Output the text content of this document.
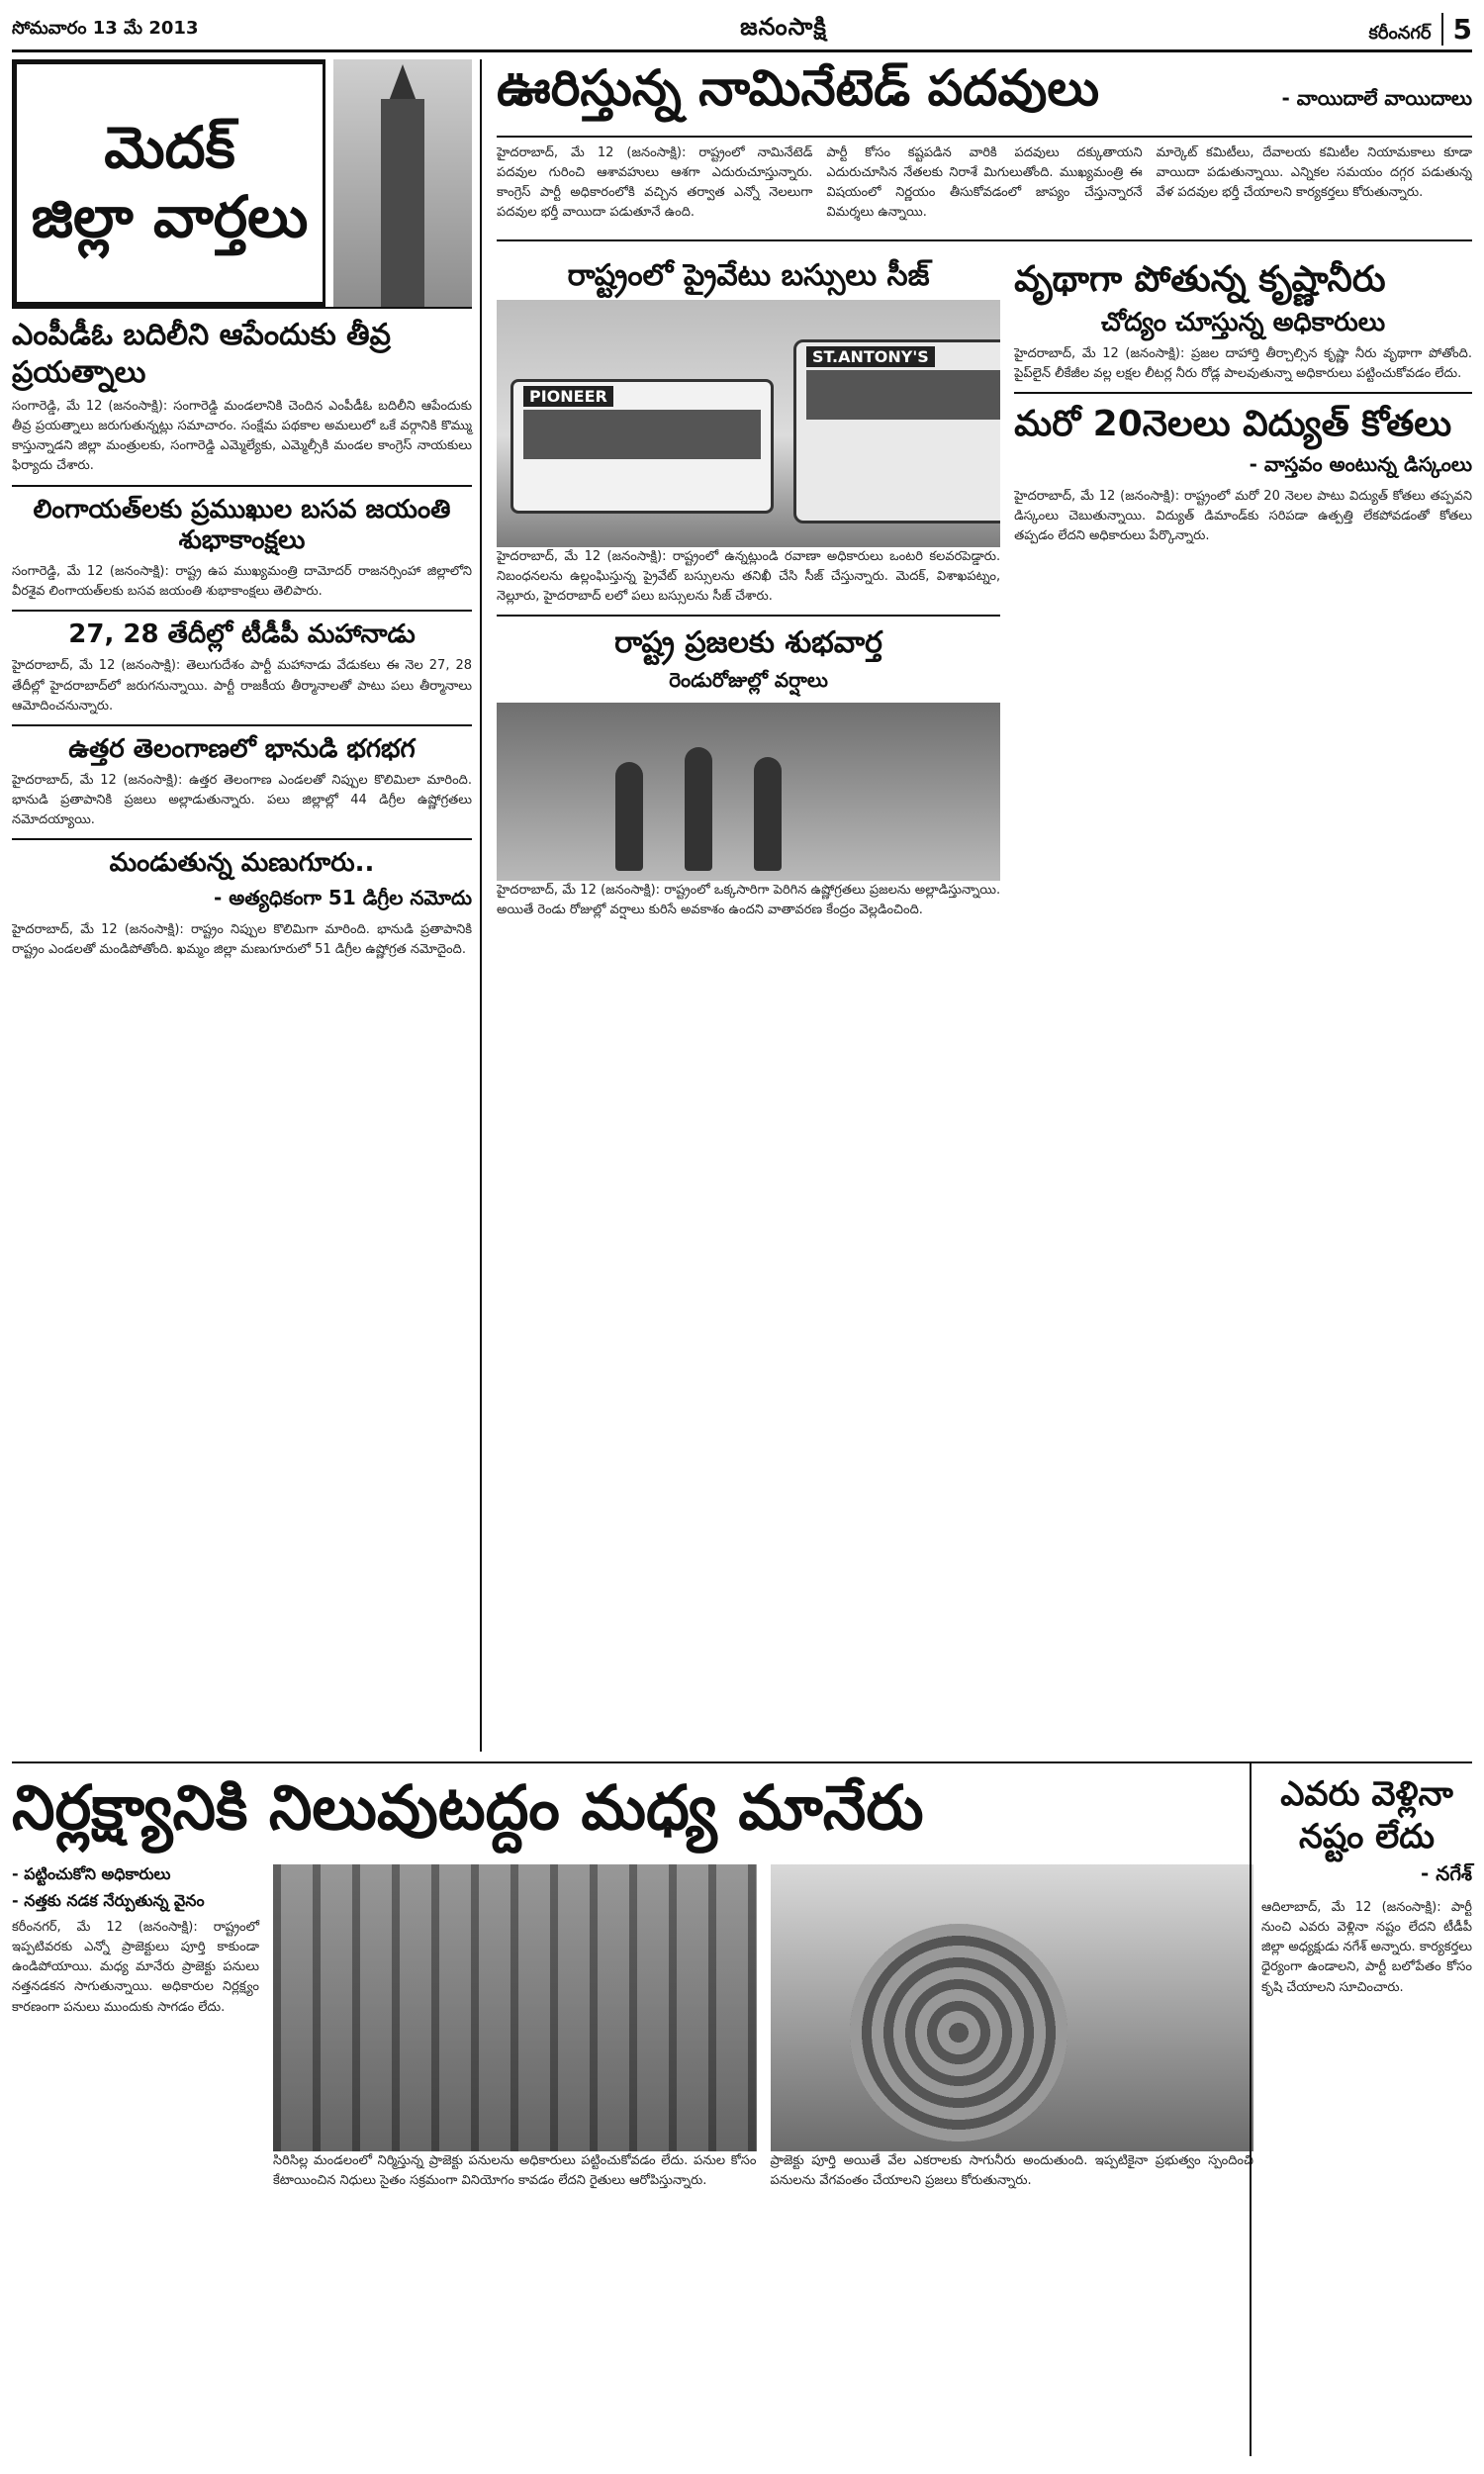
సోమవారం 13 మే 2013	జనంసాక్షి	కరీంనగర్ 5
మెదక్
జిల్లా వార్తలు
ఎంపీడీఓ బదిలీని ఆపేందుకు తీవ్ర ప్రయత్నాలు

సంగారెడ్డి, మే 12 (జనంసాక్షి): సంగారెడ్డి మండలానికి చెందిన ఎంపీడీఓ బదిలీని ఆపేందుకు తీవ్ర ప్రయత్నాలు జరుగుతున్నట్లు సమాచారం. సంక్షేమ పథకాల అమలులో ఒకే వర్గానికి కొమ్ము కాస్తున్నాడని జిల్లా మంత్రులకు, సంగారెడ్డి ఎమ్మెల్యేకు, ఎమ్మెల్సీకి మండల కాంగ్రెస్ నాయకులు ఫిర్యాదు చేశారు.

లింగాయత్‌లకు ప్రముఖుల బసవ జయంతి శుభాకాంక్షలు

సంగారెడ్డి, మే 12 (జనంసాక్షి): రాష్ట్ర ఉప ముఖ్యమంత్రి దామోదర్ రాజనర్సింహా జిల్లాలోని వీరశైవ లింగాయత్‌లకు బసవ జయంతి శుభాకాంక్షలు తెలిపారు.

27, 28 తేదీల్లో టీడీపీ మహానాడు

హైదరాబాద్, మే 12 (జనంసాక్షి): తెలుగుదేశం పార్టీ మహానాడు వేడుకలు ఈ నెల 27, 28 తేదీల్లో హైదరాబాద్‌లో జరుగనున్నాయి. పార్టీ రాజకీయ తీర్మానాలతో పాటు పలు తీర్మానాలు ఆమోదించనున్నారు.

ఉత్తర తెలంగాణలో భానుడి భగభగ

హైదరాబాద్, మే 12 (జనంసాక్షి): ఉత్తర తెలంగాణ ఎండలతో నిప్పుల కొలిమిలా మారింది. భానుడి ప్రతాపానికి ప్రజలు అల్లాడుతున్నారు. పలు జిల్లాల్లో 44 డిగ్రీల ఉష్ణోగ్రతలు నమోదయ్యాయి.

మండుతున్న మణుగూరు..

- అత్యధికంగా 51 డిగ్రీల నమోదు

హైదరాబాద్, మే 12 (జనంసాక్షి): రాష్ట్రం నిప్పుల కొలిమిగా మారింది. భానుడి ప్రతాపానికి రాష్ట్రం ఎండలతో మండిపోతోంది. ఖమ్మం జిల్లా మణుగూరులో 51 డిగ్రీల ఉష్ణోగ్రత నమోదైంది.

ఊరిస్తున్న నామినేటెడ్ పదవులు	- వాయిదాలే వాయిదాలు

హైదరాబాద్, మే 12 (జనంసాక్షి): రాష్ట్రంలో నామినేటెడ్ పదవుల గురించి ఆశావహులు ఆశగా ఎదురుచూస్తున్నారు. కాంగ్రెస్ పార్టీ అధికారంలోకి వచ్చిన తర్వాత ఎన్నో నెలలుగా పదవుల భర్తీ వాయిదా పడుతూనే ఉంది.

పార్టీ కోసం కష్టపడిన వారికి పదవులు దక్కుతాయని ఎదురుచూసిన నేతలకు నిరాశే మిగులుతోంది. ముఖ్యమంత్రి ఈ విషయంలో నిర్ణయం తీసుకోవడంలో జాప్యం చేస్తున్నారనే విమర్శలు ఉన్నాయి.

మార్కెట్ కమిటీలు, దేవాలయ కమిటీల నియామకాలు కూడా వాయిదా పడుతున్నాయి. ఎన్నికల సమయం దగ్గర పడుతున్న వేళ పదవుల భర్తీ చేయాలని కార్యకర్తలు కోరుతున్నారు.

రాష్ట్రంలో ప్రైవేటు బస్సులు సీజ్
PIONEER
ST.ANTONY'S

హైదరాబాద్, మే 12 (జనంసాక్షి): రాష్ట్రంలో ఉన్నట్లుండి రవాణా అధికారులు ఒంటరి కలవరపెడ్డారు. నిబంధనలను ఉల్లంఘిస్తున్న ప్రైవేట్ బస్సులను తనిఖీ చేసి సీజ్ చేస్తున్నారు. మెదక్, విశాఖపట్నం, నెల్లూరు, హైదరాబాద్ లలో పలు బస్సులను సీజ్ చేశారు.

రాష్ట్ర ప్రజలకు శుభవార్త

రెండురోజుల్లో వర్షాలు

హైదరాబాద్, మే 12 (జనంసాక్షి): రాష్ట్రంలో ఒక్కసారిగా పెరిగిన ఉష్ణోగ్రతలు ప్రజలను అల్లాడిస్తున్నాయి. అయితే రెండు రోజుల్లో వర్షాలు కురిసే అవకాశం ఉందని వాతావరణ కేంద్రం వెల్లడించింది.

వృథాగా పోతున్న కృష్ణానీరు
చోద్యం చూస్తున్న అధికారులు

హైదరాబాద్, మే 12 (జనంసాక్షి): ప్రజల దాహార్తి తీర్చాల్సిన కృష్ణా నీరు వృథాగా పోతోంది. పైప్‌లైన్ లీకేజీల వల్ల లక్షల లీటర్ల నీరు రోడ్ల పాలవుతున్నా అధికారులు పట్టించుకోవడం లేదు.

మరో 20నెలలు విద్యుత్ కోతలు

- వాస్తవం అంటున్న డిస్కంలు

హైదరాబాద్, మే 12 (జనంసాక్షి): రాష్ట్రంలో మరో 20 నెలల పాటు విద్యుత్ కోతలు తప్పవని డిస్కంలు చెబుతున్నాయి. విద్యుత్ డిమాండ్‌కు సరిపడా ఉత్పత్తి లేకపోవడంతో కోతలు తప్పడం లేదని అధికారులు పేర్కొన్నారు.

నిర్లక్ష్యానికి నిలువుటద్దం మధ్య మానేరు

- పట్టించుకోని అధికారులు

- నత్తకు నడక నేర్పుతున్న వైనం

కరీంనగర్, మే 12 (జనంసాక్షి): రాష్ట్రంలో ఇప్పటివరకు ఎన్నో ప్రాజెక్టులు పూర్తి కాకుండా ఉండిపోయాయి. మధ్య మానేరు ప్రాజెక్టు పనులు నత్తనడకన సాగుతున్నాయి. అధికారుల నిర్లక్ష్యం కారణంగా పనులు ముందుకు సాగడం లేదు.

సిరిసిల్ల మండలంలో నిర్మిస్తున్న ప్రాజెక్టు పనులను అధికారులు పట్టించుకోవడం లేదు. పనుల కోసం కేటాయించిన నిధులు సైతం సక్రమంగా వినియోగం కావడం లేదని రైతులు ఆరోపిస్తున్నారు.

ప్రాజెక్టు పూర్తి అయితే వేల ఎకరాలకు సాగునీరు అందుతుంది. ఇప్పటికైనా ప్రభుత్వం స్పందించి పనులను వేగవంతం చేయాలని ప్రజలు కోరుతున్నారు.

ఎవరు వెళ్లినా నష్టం లేదు
- నగేశ్

ఆదిలాబాద్, మే 12 (జనంసాక్షి): పార్టీ నుంచి ఎవరు వెళ్లినా నష్టం లేదని టీడీపీ జిల్లా అధ్యక్షుడు నగేశ్ అన్నారు. కార్యకర్తలు ధైర్యంగా ఉండాలని, పార్టీ బలోపేతం కోసం కృషి చేయాలని సూచించారు.
